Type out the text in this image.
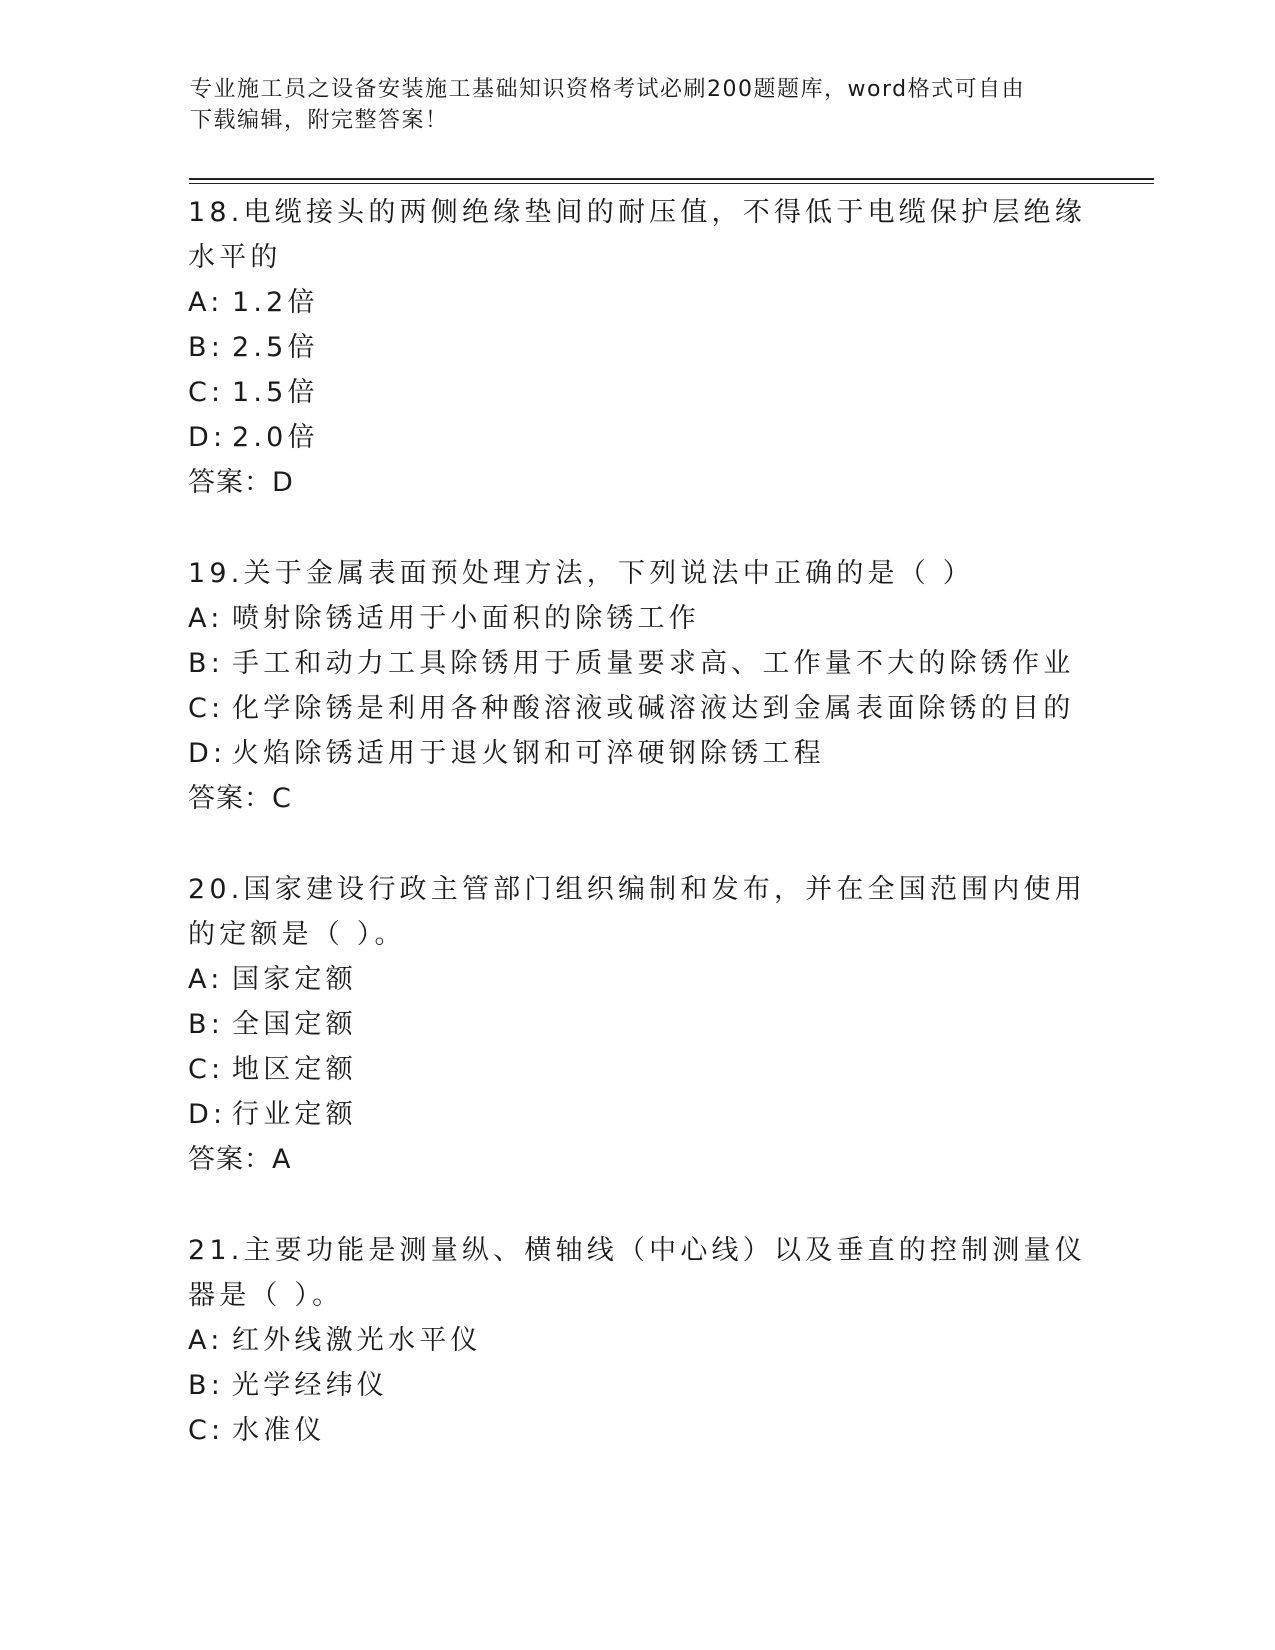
专业施工员之设备安装施工基础知识资格考试必刷200题题库，word格式可自由
下载编辑，附完整答案！
18.电缆接头的两侧绝缘垫间的耐压值，不得低于电缆保护层绝缘水平的
A: 1.2倍
B: 2.5倍
C: 1.5倍
D: 2.0倍
答案：D
19.关于金属表面预处理方法，下列说法中正确的是（ ）
A: 喷射除锈适用于小面积的除锈工作
B: 手工和动力工具除锈用于质量要求高、工作量不大的除锈作业
C: 化学除锈是利用各种酸溶液或碱溶液达到金属表面除锈的目的
D: 火焰除锈适用于退火钢和可淬硬钢除锈工程
答案：C
20.国家建设行政主管部门组织编制和发布，并在全国范围内使用的定额是（ ）。
A: 国家定额
B: 全国定额
C: 地区定额
D: 行业定额
答案：A
21.主要功能是测量纵、横轴线（中心线）以及垂直的控制测量仪器是（ ）。
A: 红外线激光水平仪
B: 光学经纬仪
C: 水准仪
